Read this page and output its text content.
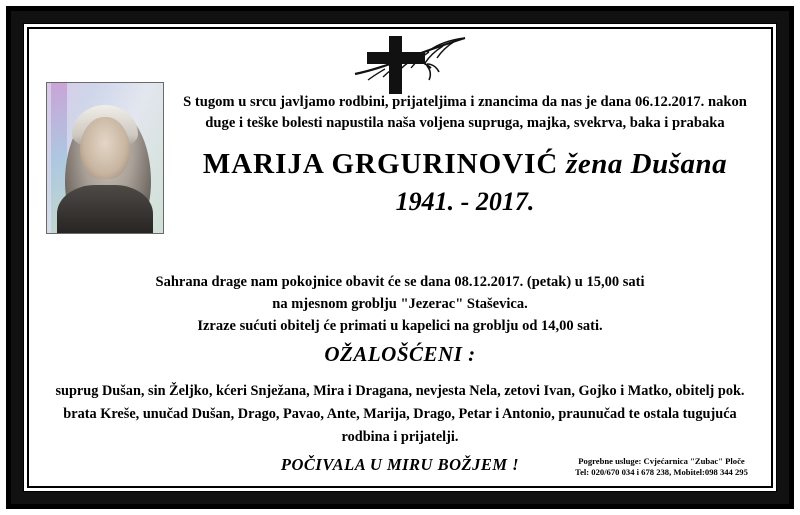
S tugom u srcu javljamo rodbini, prijateljima i znancima da nas je dana 06.12.2017. nakon duge i teške bolesti napustila naša voljena supruga, majka, svekrva, baka i prabaka

MARIJA GRGURINOVIĆ žena Dušana
1941. - 2017.
Sahrana drage nam pokojnice obavit će se dana 08.12.2017. (petak) u 15,00 sati
na mjesnom groblju "Jezerac" Staševica.
Izraze sućuti obitelj će primati u kapelici na groblju od 14,00 sati.
OŽALOŠĆENI :
suprug Dušan, sin Željko, kćeri Snježana, Mira i Dragana, nevjesta Nela, zetovi Ivan, Gojko i Matko, obitelj pok. brata Kreše, unučad Dušan, Drago, Pavao, Ante, Marija, Drago, Petar i Antonio, praunučad te ostala tugujuća rodbina i prijatelji.
POČIVALA U MIRU BOŽJEM !	Pogrebne usluge: Cvjećarnica "Zubac" Ploče
Tel: 020/670 034 i 678 238, Mobitel:098 344 295
